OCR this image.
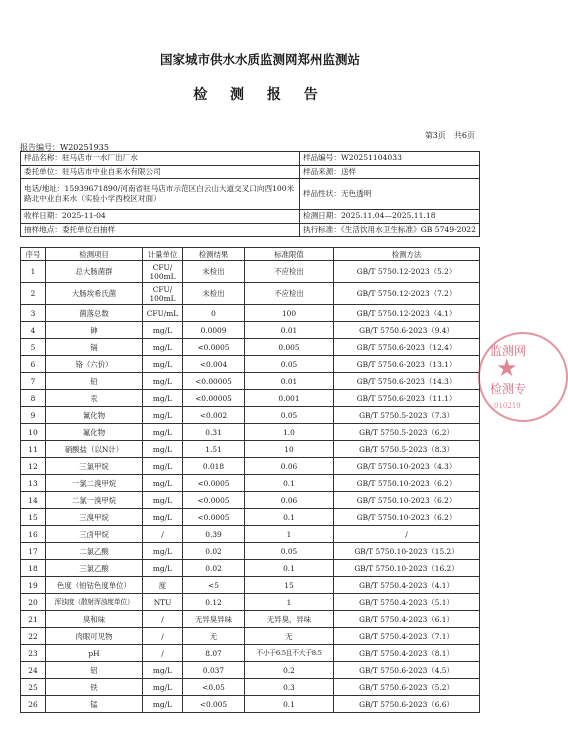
国家城市供水水质监测网郑州监测站
检 测 报 告
第3页　共6页
报告编号：W20251935
样品名称：驻马店市一水厂出厂水	样品编号：W20251104033
委托单位：驻马店市中业自来水有限公司	样品来源：送样
电话/地址：15939671890/河南省驻马店市示范区白云山大道交叉口向西100米路北中业自来水（实验小学西校区对面）	样品性状：无色透明
收样日期：2025-11-04	检测日期：2025.11.04—2025.11.18
抽样地点：委托单位自抽样	执行标准：《生活饮用水卫生标准》GB 5749-2022
序号	检测项目	计量单位	检测结果	标准限值	检测方法
1	总大肠菌群	CFU/
100mL	未检出	不应检出	GB/T 5750.12-2023（5.2）
2	大肠埃希氏菌	CFU/
100mL	未检出	不应检出	GB/T 5750.12-2023（7.2）
3	菌落总数	CFU/mL	0	100	GB/T 5750.12-2023（4.1）
4	砷	mg/L	0.0009	0.01	GB/T 5750.6-2023（9.4）
5	镉	mg/L	<0.0005	0.005	GB/T 5750.6-2023（12.4）
6	铬（六价）	mg/L	<0.004	0.05	GB/T 5750.6-2023（13.1）
7	铅	mg/L	<0.00005	0.01	GB/T 5750.6-2023（14.3）
8	汞	mg/L	<0.00005	0.001	GB/T 5750.6-2023（11.1）
9	氰化物	mg/L	<0.002	0.05	GB/T 5750.5-2023（7.3）
10	氟化物	mg/L	0.31	1.0	GB/T 5750.5-2023（6.2）
11	硝酸盐（以N计）	mg/L	1.51	10	GB/T 5750.5-2023（8.3）
12	三氯甲烷	mg/L	0.018	0.06	GB/T 5750.10-2023（4.3）
13	一氯二溴甲烷	mg/L	<0.0005	0.1	GB/T 5750.10-2023（6.2）
14	二氯一溴甲烷	mg/L	<0.0005	0.06	GB/T 5750.10-2023（6.2）
15	三溴甲烷	mg/L	<0.0005	0.1	GB/T 5750.10-2023（6.2）
16	三卤甲烷	/	0.39	1	/
17	二氯乙酸	mg/L	0.02	0.05	GB/T 5750.10-2023（15.2）
18	三氯乙酸	mg/L	0.02	0.1	GB/T 5750.10-2023（16.2）
19	色度（铂钴色度单位）	度	<5	15	GB/T 5750.4-2023（4.1）
20	浑浊度（散射浑浊度单位）	NTU	0.12	1	GB/T 5750.4-2023（5.1）
21	臭和味	/	无异臭异味	无异臭、异味	GB/T 5750.4-2023（6.1）
22	肉眼可见物	/	无	无	GB/T 5750.4-2023（7.1）
23	pH	/	8.07	不小于6.5且不大于8.5	GB/T 5750.4-2023（8.1）
24	铝	mg/L	0.037	0.2	GB/T 5750.6-2023（4.5）
25	铁	mg/L	<0.05	0.3	GB/T 5750.6-2023（5.2）
26	锰	mg/L	<0.005	0.1	GB/T 5750.6-2023（6.6）
监测网
★
检测专
010219
